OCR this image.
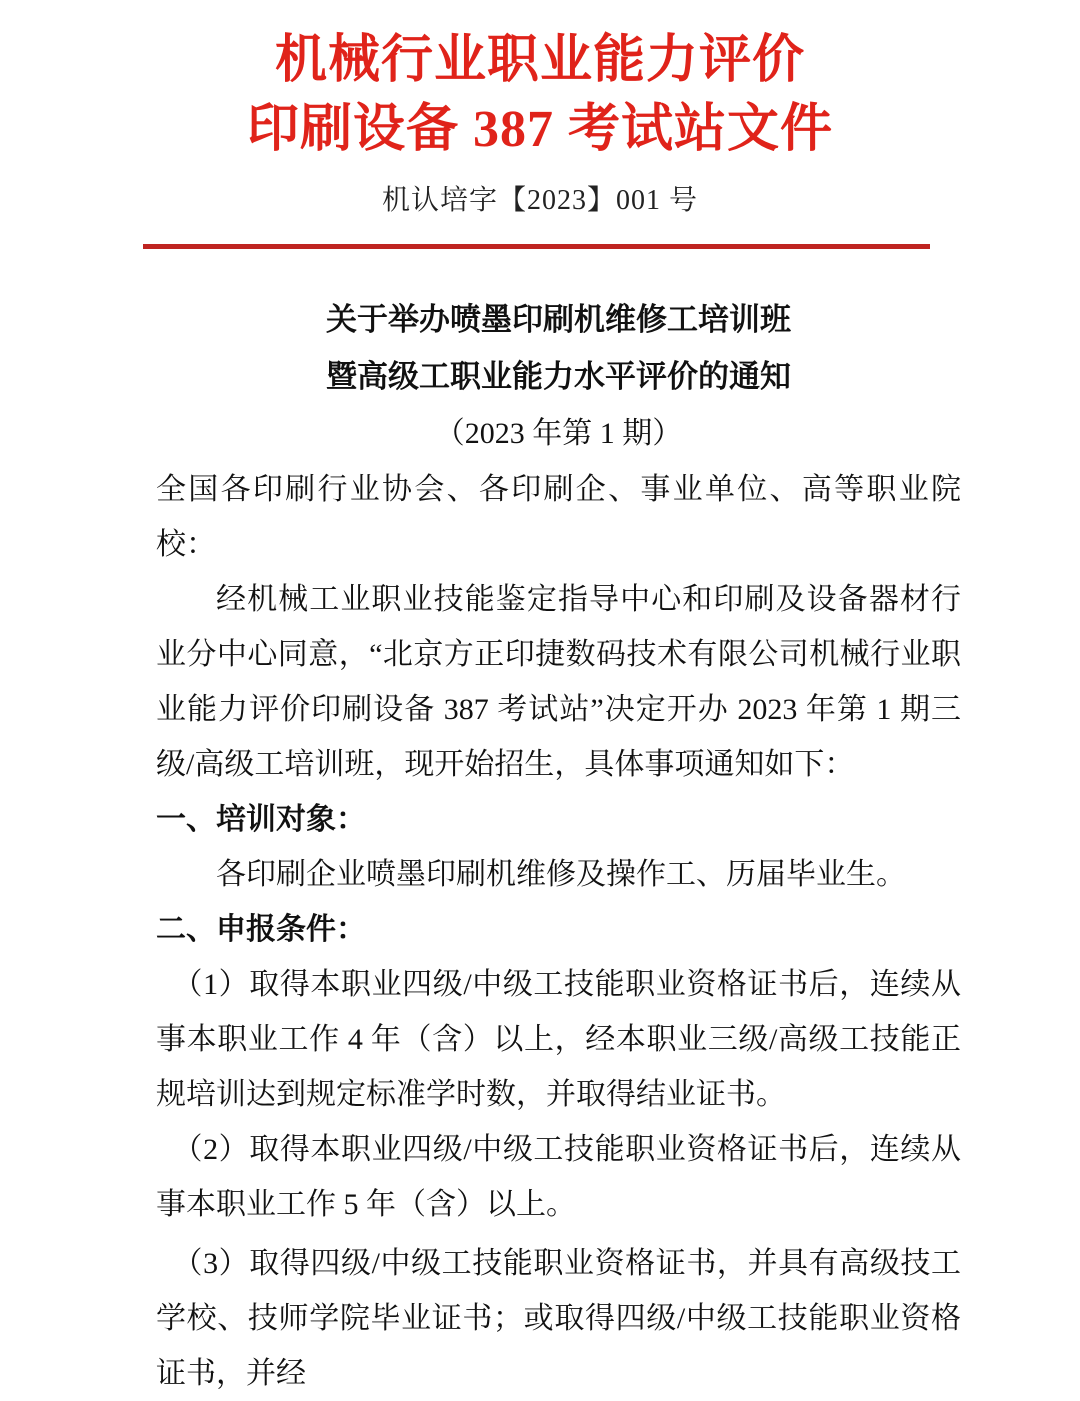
机械行业职业能力评价
印刷设备 387 考试站文件
机认培字【2023】001 号
关于举办喷墨印刷机维修工培训班
暨高级工职业能力水平评价的通知
（2023 年第 1 期）

全国各印刷行业协会、各印刷企、事业单位、高等职业院校：

经机械工业职业技能鉴定指导中心和印刷及设备器材行业分中心同意，“北京方正印捷数码技术有限公司机械行业职业能力评价印刷设备 387 考试站”决定开办 2023 年第 1 期三级/高级工培训班，现开始招生，具体事项通知如下：

一、培训对象：

各印刷企业喷墨印刷机维修及操作工、历届毕业生。

二、申报条件：

（1）取得本职业四级/中级工技能职业资格证书后，连续从事本职业工作 4 年（含）以上，经本职业三级/高级工技能正规培训达到规定标准学时数，并取得结业证书。

（2）取得本职业四级/中级工技能职业资格证书后，连续从事本职业工作 5 年（含）以上。

（3）取得四级/中级工技能职业资格证书，并具有高级技工学校、技师学院毕业证书；或取得四级/中级工技能职业资格证书，并经
